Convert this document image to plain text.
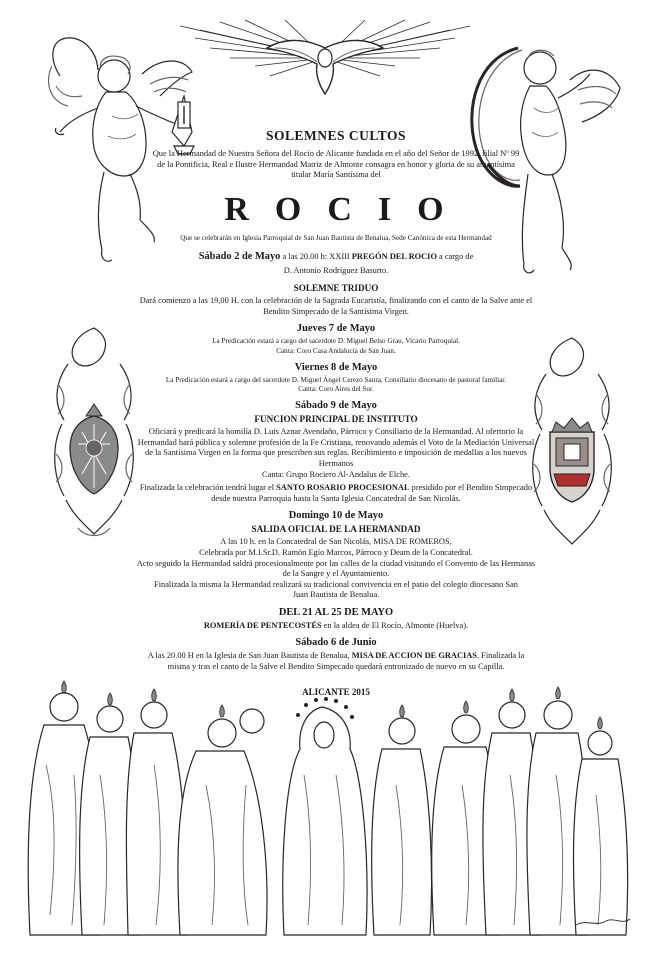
SOLEMNES CULTOS

Que la Hermandad de Nuestra Señora del Rocío de Alicante fundada en el año del Señor de 1992, filial Nº 99 de la Pontificia, Real e Ilustre Hermandad Matriz de Almonte consagra en honor y gloria de su amantísima titular María Santísima del

ROCIO

Que se celebrarán en Iglesia Parroquial de San Juan Bautista de Benalua, Sede Canónica de esta Hermandad

Sábado 2 de Mayo a las 20.00 h: XXIII PREGÓN DEL ROCIO a cargo de

D. Antonio Rodríguez Basurto.

SOLEMNE TRIDUO

Dará comienzo a las 19,00 H. con la celebración de la Sagrada Eucaristía, finalizando con el canto de la Salve ante el Bendito Simpecado de la Santísima Virgen.

Jueves 7 de Mayo

La Predicación estará a cargo del sacerdote D. Miguel Belso Grau, Vicario Parroquial.

Canta: Coro Casa Andalucía de San Juan.

Viernes 8 de Mayo

La Predicación estará a cargo del sacerdote D. Miguel Ángel Cerezo Saura, Consiliario diocesano de pastoral familiar.

Canta: Coro Aires del Sur.

Sábado 9 de Mayo
FUNCION PRINCIPAL DE INSTITUTO

Oficiará y predicará la homilía D. Luis Aznar Avendaño, Párroco y Consiliario de la Hermandad. Al ofertorio la Hermandad hará pública y solemne profesión de la Fe Cristiana, renovando además el Voto de la Mediación Universal de la Santísima Virgen en la forma que prescriben sus reglas. Recibimiento e imposición de medallas a los nuevos Hermanos

Canta: Grupo Rociero Al-Andalus de Elche.

Finalizada la celebración tendrá lugar el SANTO ROSARIO PROCESIONAL presidido por el Bendito Simpecado desde nuestra Parroquia hasta la Santa Iglesia Concatedral de San Nicolás.

Domingo 10 de Mayo
SALIDA OFICIAL DE LA HERMANDAD

A las 10 h. en la Concatedral de San Nicolás, MISA DE ROMEROS,

Celebrada por M.I.Sr.D. Ramón Egío Marcos, Párroco y Deam de la Concatedral.

Acto seguido la Hermandad saldrá procesionalmente por las calles de la ciudad visitando el Convento de las Hermanas de la Sangre y el Ayuntamiento.

Finalizada la misma la Hermandad realizará su tradicional convivencia en el patio del colegio diocesano San Juan Bautista de Benalua.

DEL 21 AL 25 DE MAYO

ROMERÍA DE PENTECOSTÉS en la aldea de El Rocío, Almonte (Huelva).

Sábado 6 de Junio

A las 20.00 H en la Iglesia de San Juan Bautista de Benalua, MISA DE ACCION DE GRACIAS. Finalizada la misma y tras el canto de la Salve el Bendito Simpecado quedará entronizado de nuevo en su Capilla.

ALICANTE 2015
